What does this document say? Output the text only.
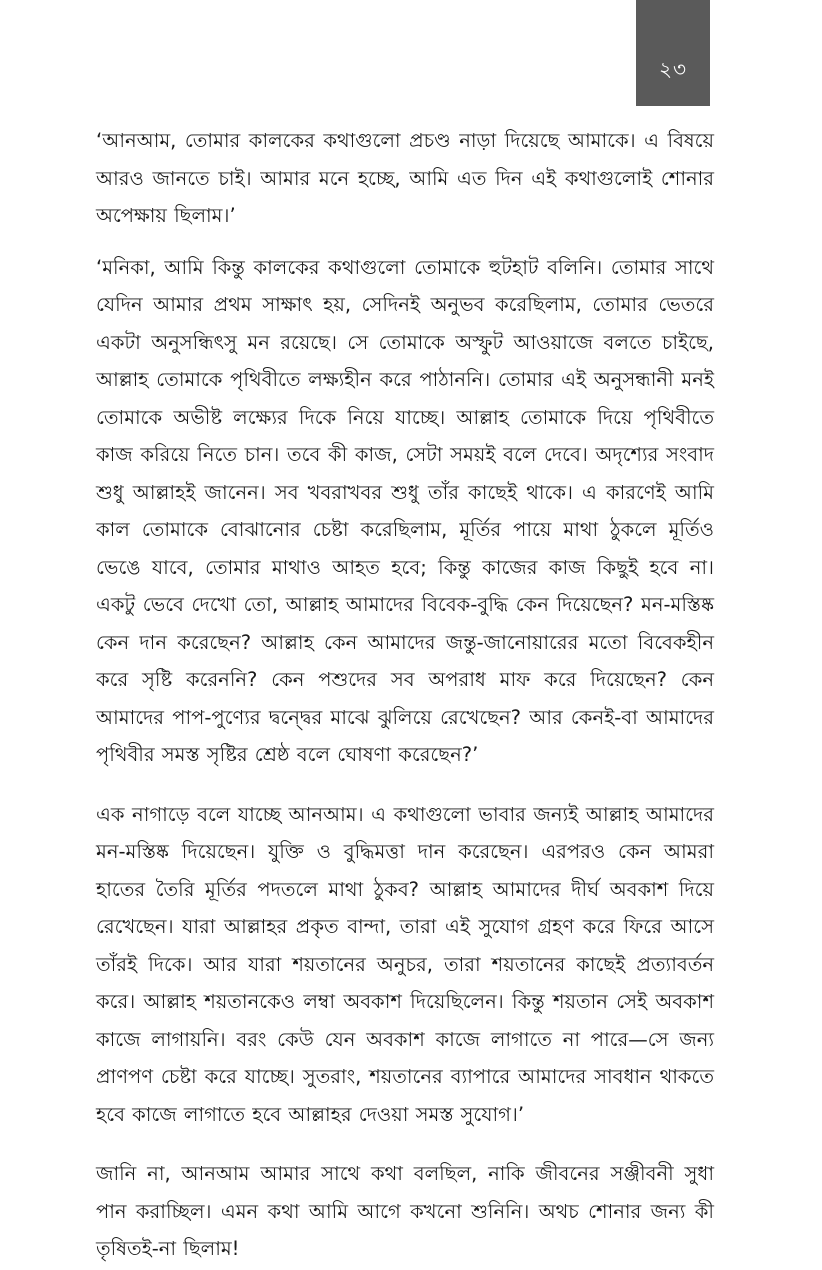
২৩

‘আনআম, তোমার কালকের কথাগুলো প্রচণ্ড নাড়া দিয়েছে আমাকে। এ বিষয়ে আরও জানতে চাই। আমার মনে হচ্ছে, আমি এত দিন এই কথাগুলোই শোনার অপেক্ষায় ছিলাম।’

‘মনিকা, আমি কিন্তু কালকের কথাগুলো তোমাকে হুটহাট বলিনি। তোমার সাথে যেদিন আমার প্রথম সাক্ষাৎ হয়, সেদিনই অনুভব করেছিলাম, তোমার ভেতরে একটা অনুসন্ধিৎসু মন রয়েছে। সে তোমাকে অস্ফুট আওয়াজে বলতে চাইছে, আল্লাহ তোমাকে পৃথিবীতে লক্ষ্যহীন করে পাঠাননি। তোমার এই অনুসন্ধানী মনই তোমাকে অভীষ্ট লক্ষ্যের দিকে নিয়ে যাচ্ছে। আল্লাহ তোমাকে দিয়ে পৃথিবীতে কাজ করিয়ে নিতে চান। তবে কী কাজ, সেটা সময়ই বলে দেবে। অদৃশ্যের সংবাদ শুধু আল্লাহই জানেন। সব খবরাখবর শুধু তাঁর কাছেই থাকে। এ কারণেই আমি কাল তোমাকে বোঝানোর চেষ্টা করেছিলাম, মূর্তির পায়ে মাথা ঠুকলে মূর্তিও ভেঙে যাবে, তোমার মাথাও আহত হবে; কিন্তু কাজের কাজ কিছুই হবে না। একটু ভেবে দেখো তো, আল্লাহ আমাদের বিবেক-বুদ্ধি কেন দিয়েছেন? মন-মস্তিষ্ক কেন দান করেছেন? আল্লাহ কেন আমাদের জন্তু-জানোয়ারের মতো বিবেকহীন করে সৃষ্টি করেননি? কেন পশুদের সব অপরাধ মাফ করে দিয়েছেন? কেন আমাদের পাপ-পুণ্যের দ্বন্দ্বের মাঝে ঝুলিয়ে রেখেছেন? আর কেনই-বা আমাদের পৃথিবীর সমস্ত সৃষ্টির শ্রেষ্ঠ বলে ঘোষণা করেছেন?’

এক নাগাড়ে বলে যাচ্ছে আনআম। এ কথাগুলো ভাবার জন্যই আল্লাহ আমাদের মন-মস্তিষ্ক দিয়েছেন। যুক্তি ও বুদ্ধিমত্তা দান করেছেন। এরপরও কেন আমরা হাতের তৈরি মূর্তির পদতলে মাথা ঠুকব? আল্লাহ আমাদের দীর্ঘ অবকাশ দিয়ে রেখেছেন। যারা আল্লাহর প্রকৃত বান্দা, তারা এই সুযোগ গ্রহণ করে ফিরে আসে তাঁরই দিকে। আর যারা শয়তানের অনুচর, তারা শয়তানের কাছেই প্রত্যাবর্তন করে। আল্লাহ শয়তানকেও লম্বা অবকাশ দিয়েছিলেন। কিন্তু শয়তান সেই অবকাশ কাজে লাগায়নি। বরং কেউ যেন অবকাশ কাজে লাগাতে না পারে—সে জন্য প্রাণপণ চেষ্টা করে যাচ্ছে। সুতরাং, শয়তানের ব্যাপারে আমাদের সাবধান থাকতে হবে কাজে লাগাতে হবে আল্লাহর দেওয়া সমস্ত সুযোগ।’

জানি না, আনআম আমার সাথে কথা বলছিল, নাকি জীবনের সঞ্জীবনী সুধা পান করাচ্ছিল। এমন কথা আমি আগে কখনো শুনিনি। অথচ শোনার জন্য কী তৃষিতই-না ছিলাম!
